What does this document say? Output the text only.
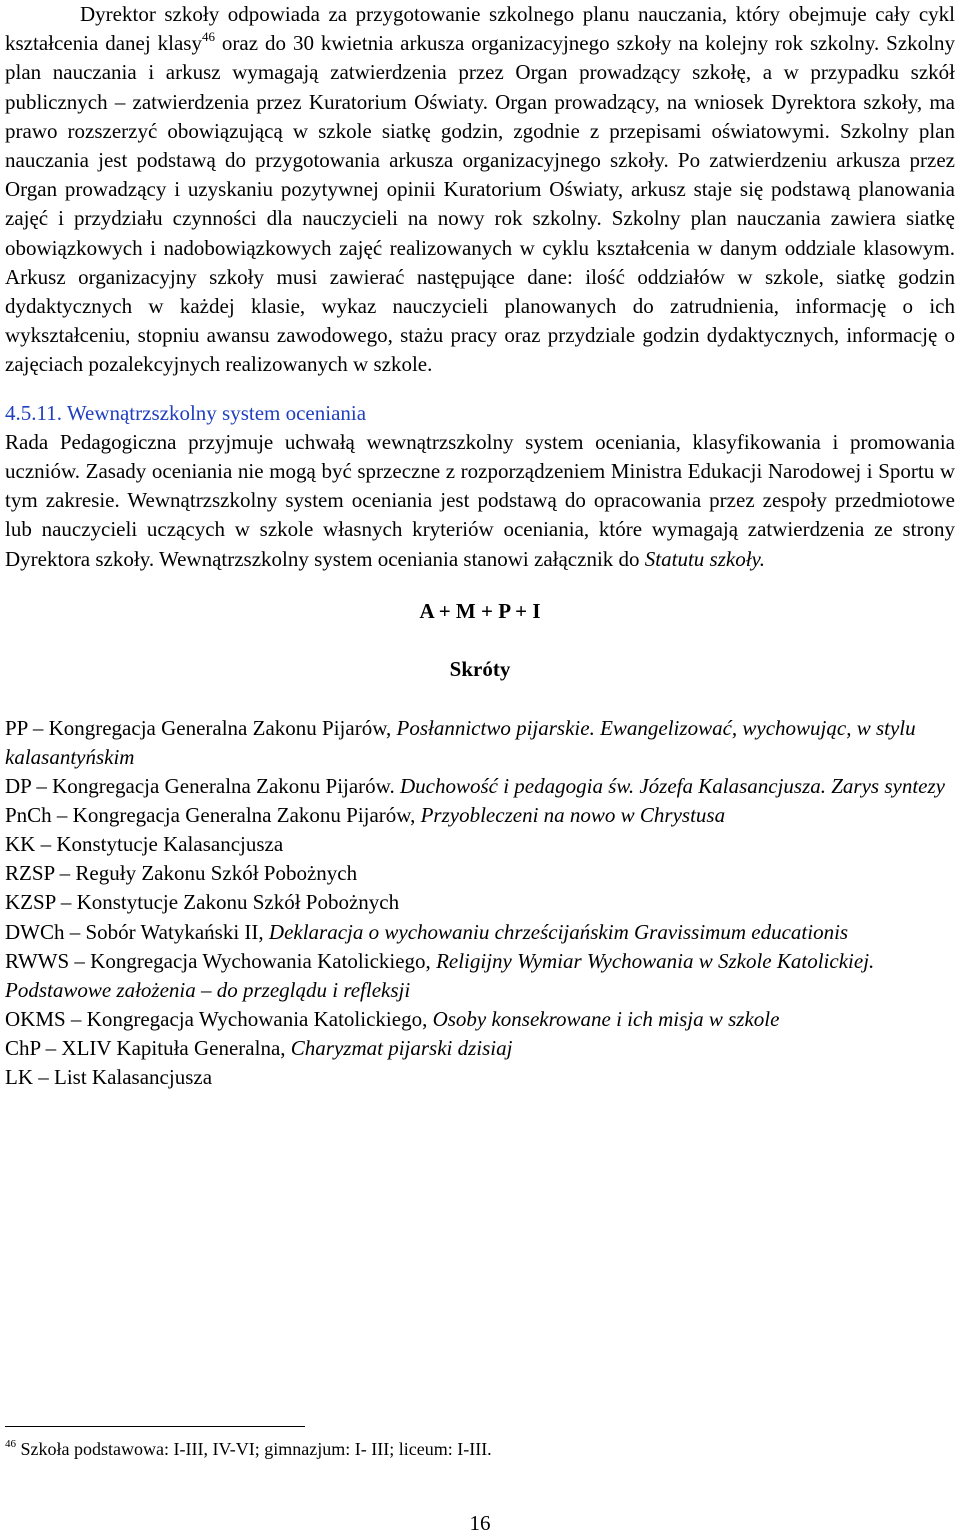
Dyrektor szkoły odpowiada za przygotowanie szkolnego planu nauczania, który obejmuje cały cykl kształcenia danej klasy$^{46}$ oraz do 30 kwietnia arkusza organizacyjnego szkoły na kolejny rok szkolny. Szkolny plan nauczania i arkusz wymagają zatwierdzenia przez Organ prowadzący szkołę, a w przypadku szkół publicznych – zatwierdzenia przez Kuratorium Oświaty. Organ prowadzący, na wniosek Dyrektora szkoły, ma prawo rozszerzyć obowiązującą w szkole siatkę godzin, zgodnie z przepisami oświatowymi. Szkolny plan nauczania jest podstawą do przygotowania arkusza organizacyjnego szkoły. Po zatwierdzeniu arkusza przez Organ prowadzący i uzyskaniu pozytywnej opinii Kuratorium Oświaty, arkusz staje się podstawą planowania zajęć i przydziału czynności dla nauczycieli na nowy rok szkolny. Szkolny plan nauczania zawiera siatkę obowiązkowych i nadobowiązkowych zajęć realizowanych w cyklu kształcenia w danym oddziale klasowym. Arkusz organizacyjny szkoły musi zawierać następujące dane: ilość oddziałów w szkole, siatkę godzin dydaktycznych w każdej klasie, wykaz nauczycieli planowanych do zatrudnienia, informację o ich wykształceniu, stopniu awansu zawodowego, stażu pracy oraz przydziale godzin dydaktycznych, informację o zajęciach pozalekcyjnych realizowanych w szkole.

4.5.11. Wewnątrzszkolny system oceniania

Rada Pedagogiczna przyjmuje uchwałą wewnątrzszkolny system oceniania, klasyfikowania i promowania uczniów. Zasady oceniania nie mogą być sprzeczne z rozporządzeniem Ministra Edukacji Narodowej i Sportu w tym zakresie. Wewnątrzszkolny system oceniania jest podstawą do opracowania przez zespoły przedmiotowe lub nauczycieli uczących w szkole własnych kryteriów oceniania, które wymagają zatwierdzenia ze strony Dyrektora szkoły. Wewnątrzszkolny system oceniania stanowi załącznik do Statutu szkoły.

A + M + P + I
Skróty
PP – Kongregacja Generalna Zakonu Pijarów, Posłannictwo pijarskie. Ewangelizować, wychowując, w stylu kalasantyńskim
DP – Kongregacja Generalna Zakonu Pijarów. Duchowość i pedagogia św. Józefa Kalasancjusza. Zarys syntezy
PnCh – Kongregacja Generalna Zakonu Pijarów, Przyobleczeni na nowo w Chrystusa
KK – Konstytucje Kalasancjusza
RZSP – Reguły Zakonu Szkół Pobożnych
KZSP – Konstytucje Zakonu Szkół Pobożnych
DWCh – Sobór Watykański II, Deklaracja o wychowaniu chrześcijańskim Gravissimum educationis
RWWS – Kongregacja Wychowania Katolickiego, Religijny Wymiar Wychowania w Szkole Katolickiej. Podstawowe założenia – do przeglądu i refleksji
OKMS – Kongregacja Wychowania Katolickiego, Osoby konsekrowane i ich misja w szkole
ChP – XLIV Kapituła Generalna, Charyzmat pijarski dzisiaj
LK – List Kalasancjusza
$^{46}$ Szkoła podstawowa: I-III, IV-VI; gimnazjum: I- III; liceum: I-III.
16
